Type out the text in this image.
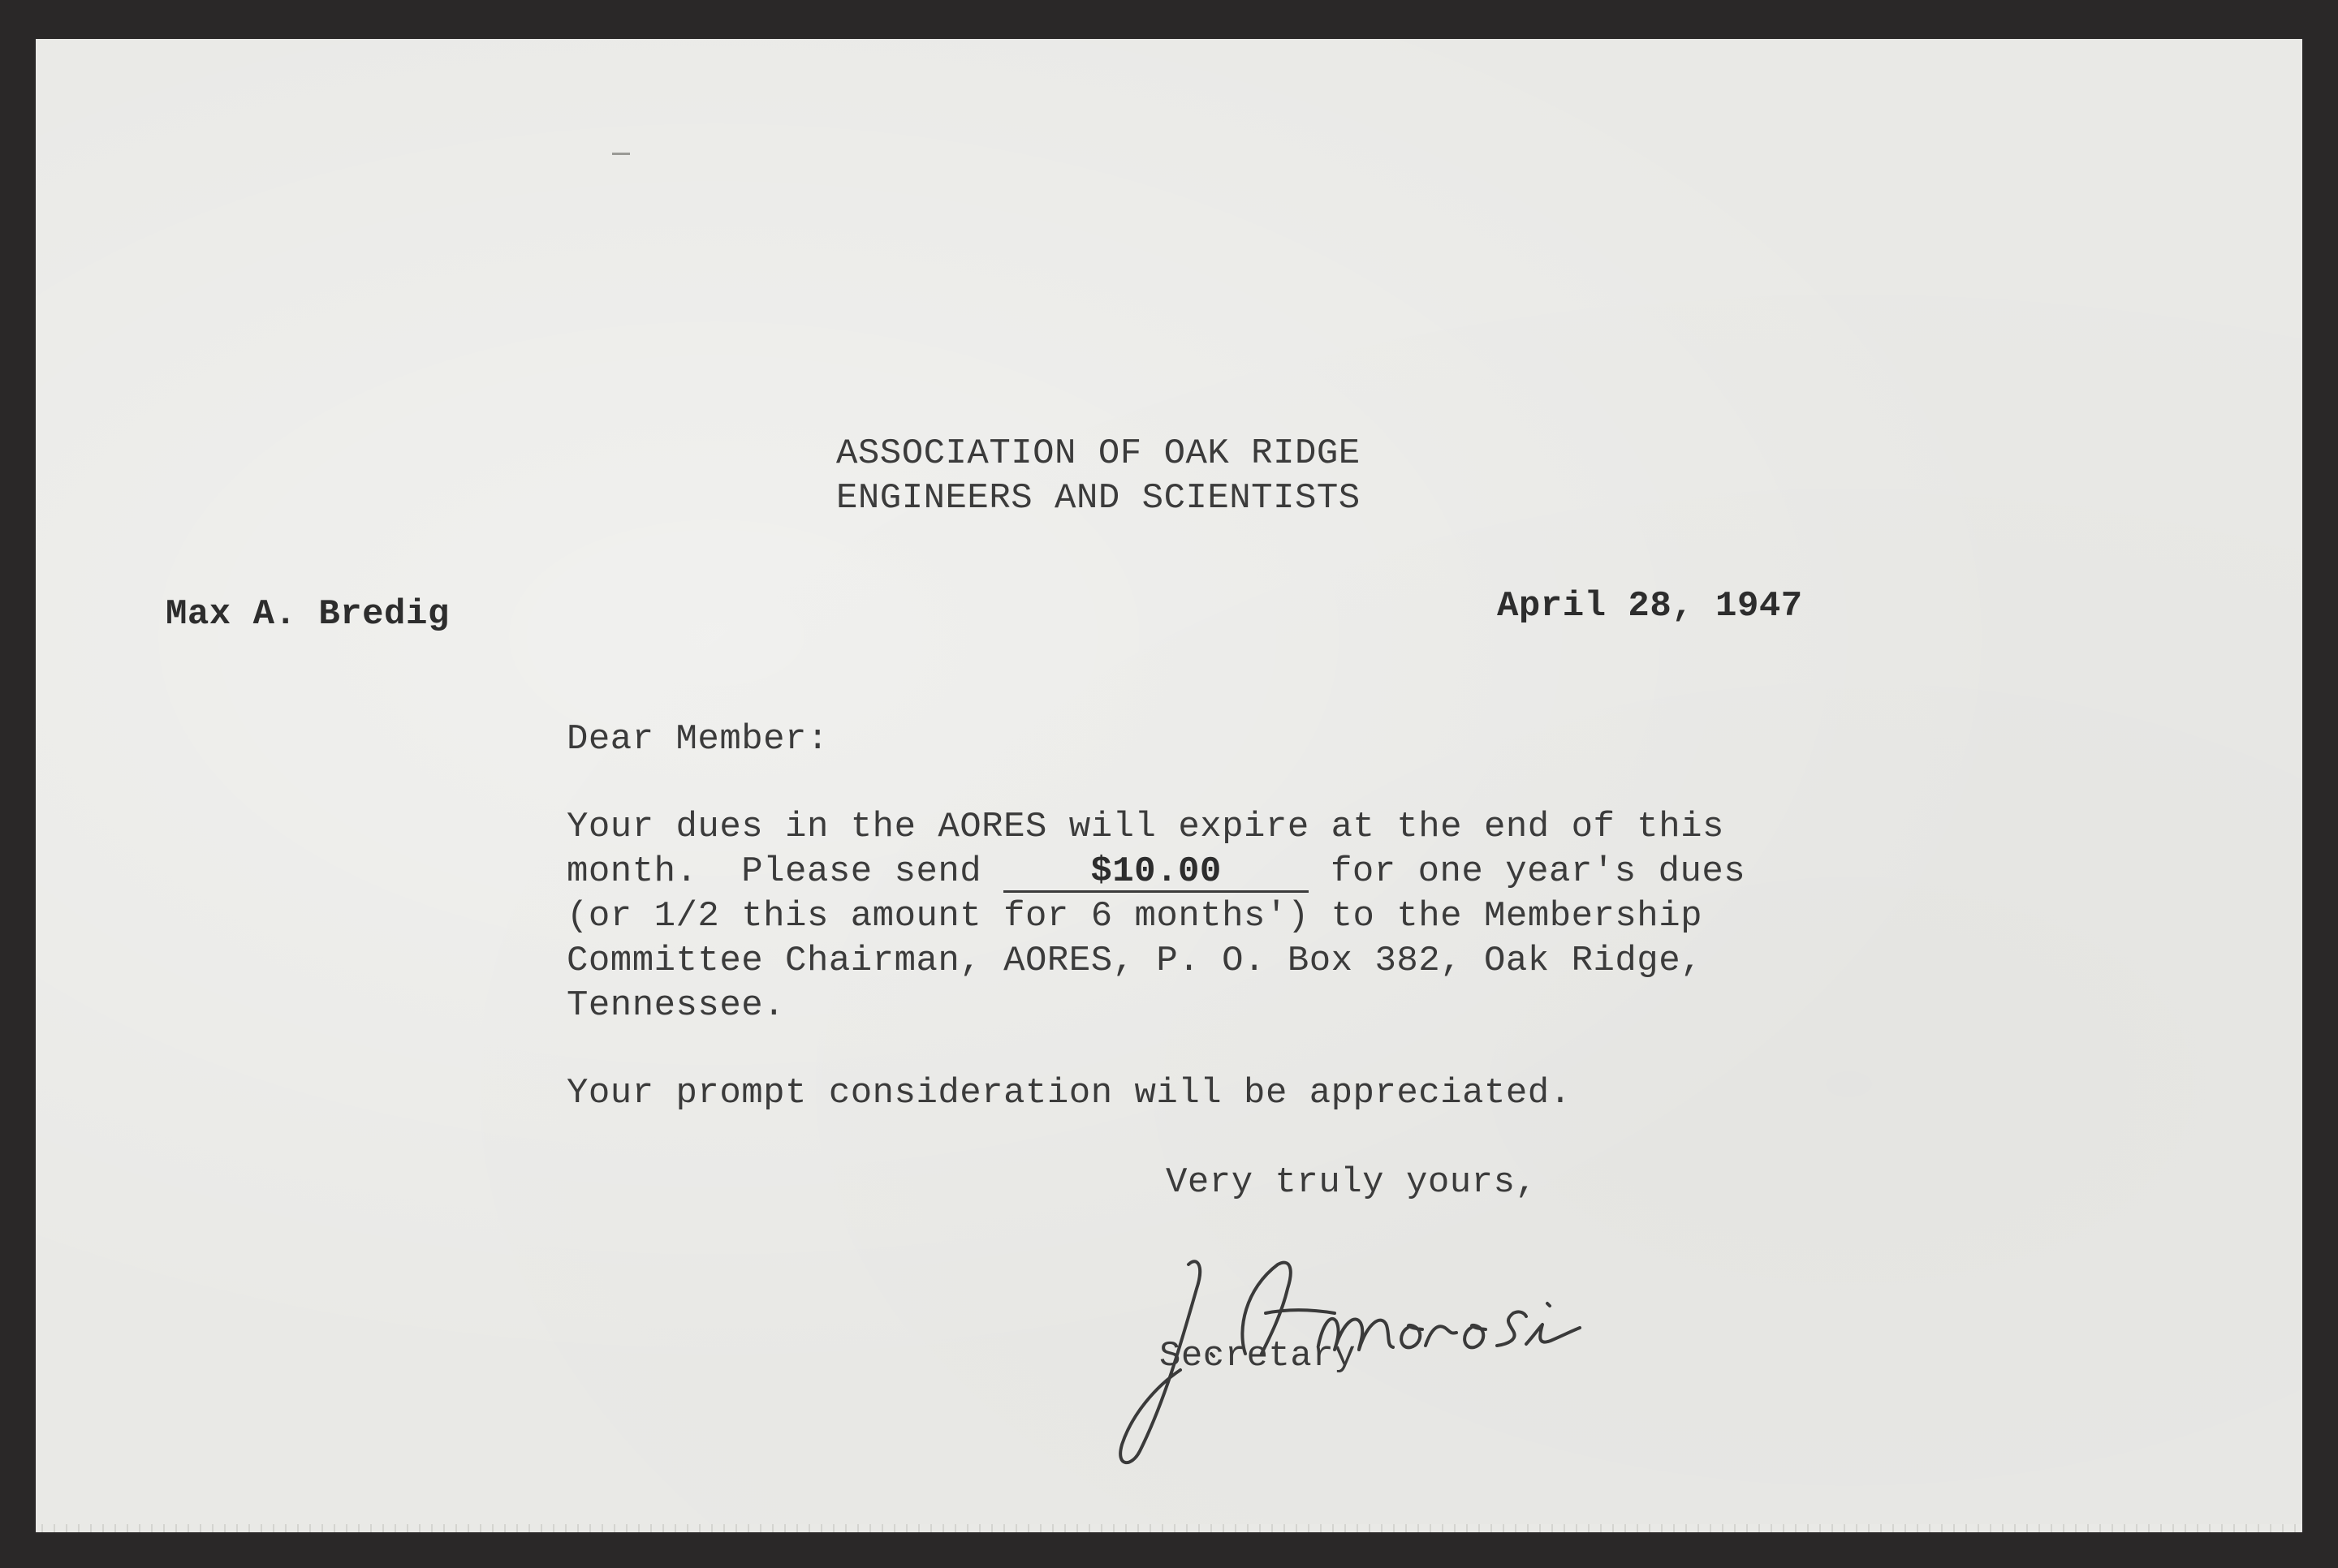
ASSOCIATION OF OAK RIDGE
ENGINEERS AND SCIENTISTS
Max A. Bredig	April 28, 1947
Dear Member:
Your dues in the AORES will expire at the end of this
month.  Please send $10.00 for one year's dues
(or 1/2 this amount for 6 months') to the Membership
Committee Chairman, AORES, P. O. Box 382, Oak Ridge,
Tennessee.
Your prompt consideration will be appreciated.
Very truly yours,
Secretary
